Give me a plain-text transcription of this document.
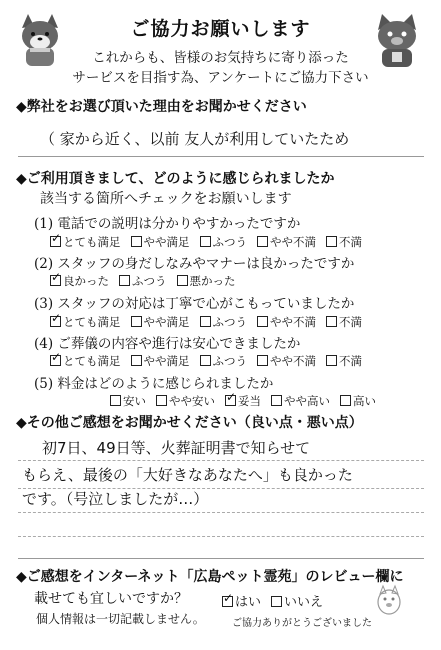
ご協力お願いします
これからも、皆様のお気持ちに寄り添った
サービスを目指す為、アンケートにご協力下さい
◆弊社をお選び頂いた理由をお聞かせください
（ 家から近く、以前 友人が利用していたため
◆ご利用頂きまして、どのように感じられましたか
該当する箇所へチェックをお願いします
(1) 電話での説明は分かりやすかったですか
✓とても満足 やや満足 ふつう やや不満 不満
(2) スタッフの身だしなみやマナーは良かったですか
✓良かった ふつう 悪かった
(3) スタッフの対応は丁寧で心がこもっていましたか
✓とても満足 やや満足 ふつう やや不満 不満
(4) ご葬儀の内容や進行は安心できましたか
✓とても満足 やや満足 ふつう やや不満 不満
(5) 料金はどのように感じられましたか
安い やや安い ✓ 妥当 やや高い 高い
◆その他ご感想をお聞かせください（良い点・悪い点）
初7日、49日等、火葬証明書で知らせて
もらえ、最後の「大好きなあなたへ」も良かった
です。（号泣しましたが…）
◆ご感想をインターネット「広島ペット霊苑」のレビュー欄に
載せても宜しいですか？ ✓	はい いいえ
個人情報は一切記載しません。	ご協力ありがとうございました
